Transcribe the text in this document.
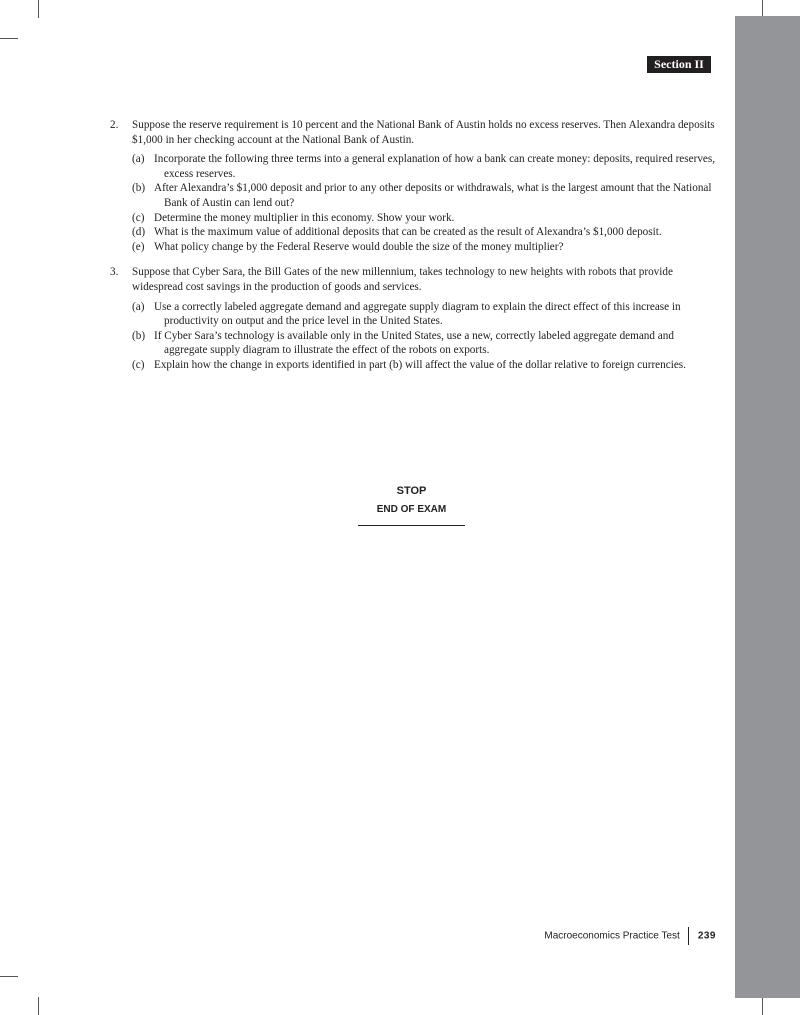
Section II
2.	Suppose the reserve requirement is 10 percent and the National Bank of Austin holds no excess reserves. Then Alexandra deposits $1,000 in her checking account at the National Bank of Austin.
(a) Incorporate the following three terms into a general explanation of how a bank can create money: deposits, required reserves, excess reserves.
(b) After Alexandra’s $1,000 deposit and prior to any other deposits or withdrawals, what is the largest amount that the National Bank of Austin can lend out?
(c) Determine the money multiplier in this economy. Show your work.
(d) What is the maximum value of additional deposits that can be created as the result of Alexandra’s $1,000 deposit.
(e) What policy change by the Federal Reserve would double the size of the money multiplier?
3.	Suppose that Cyber Sara, the Bill Gates of the new millennium, takes technology to new heights with robots that provide widespread cost savings in the production of goods and services.
(a) Use a correctly labeled aggregate demand and aggregate supply diagram to explain the direct effect of this increase in productivity on output and the price level in the United States.
(b) If Cyber Sara’s technology is available only in the United States, use a new, correctly labeled aggregate demand and aggregate supply diagram to illustrate the effect of the robots on exports.
(c) Explain how the change in exports identified in part (b) will affect the value of the dollar relative to foreign currencies.
STOP
END OF EXAM
Macroeconomics Practice Test 239
